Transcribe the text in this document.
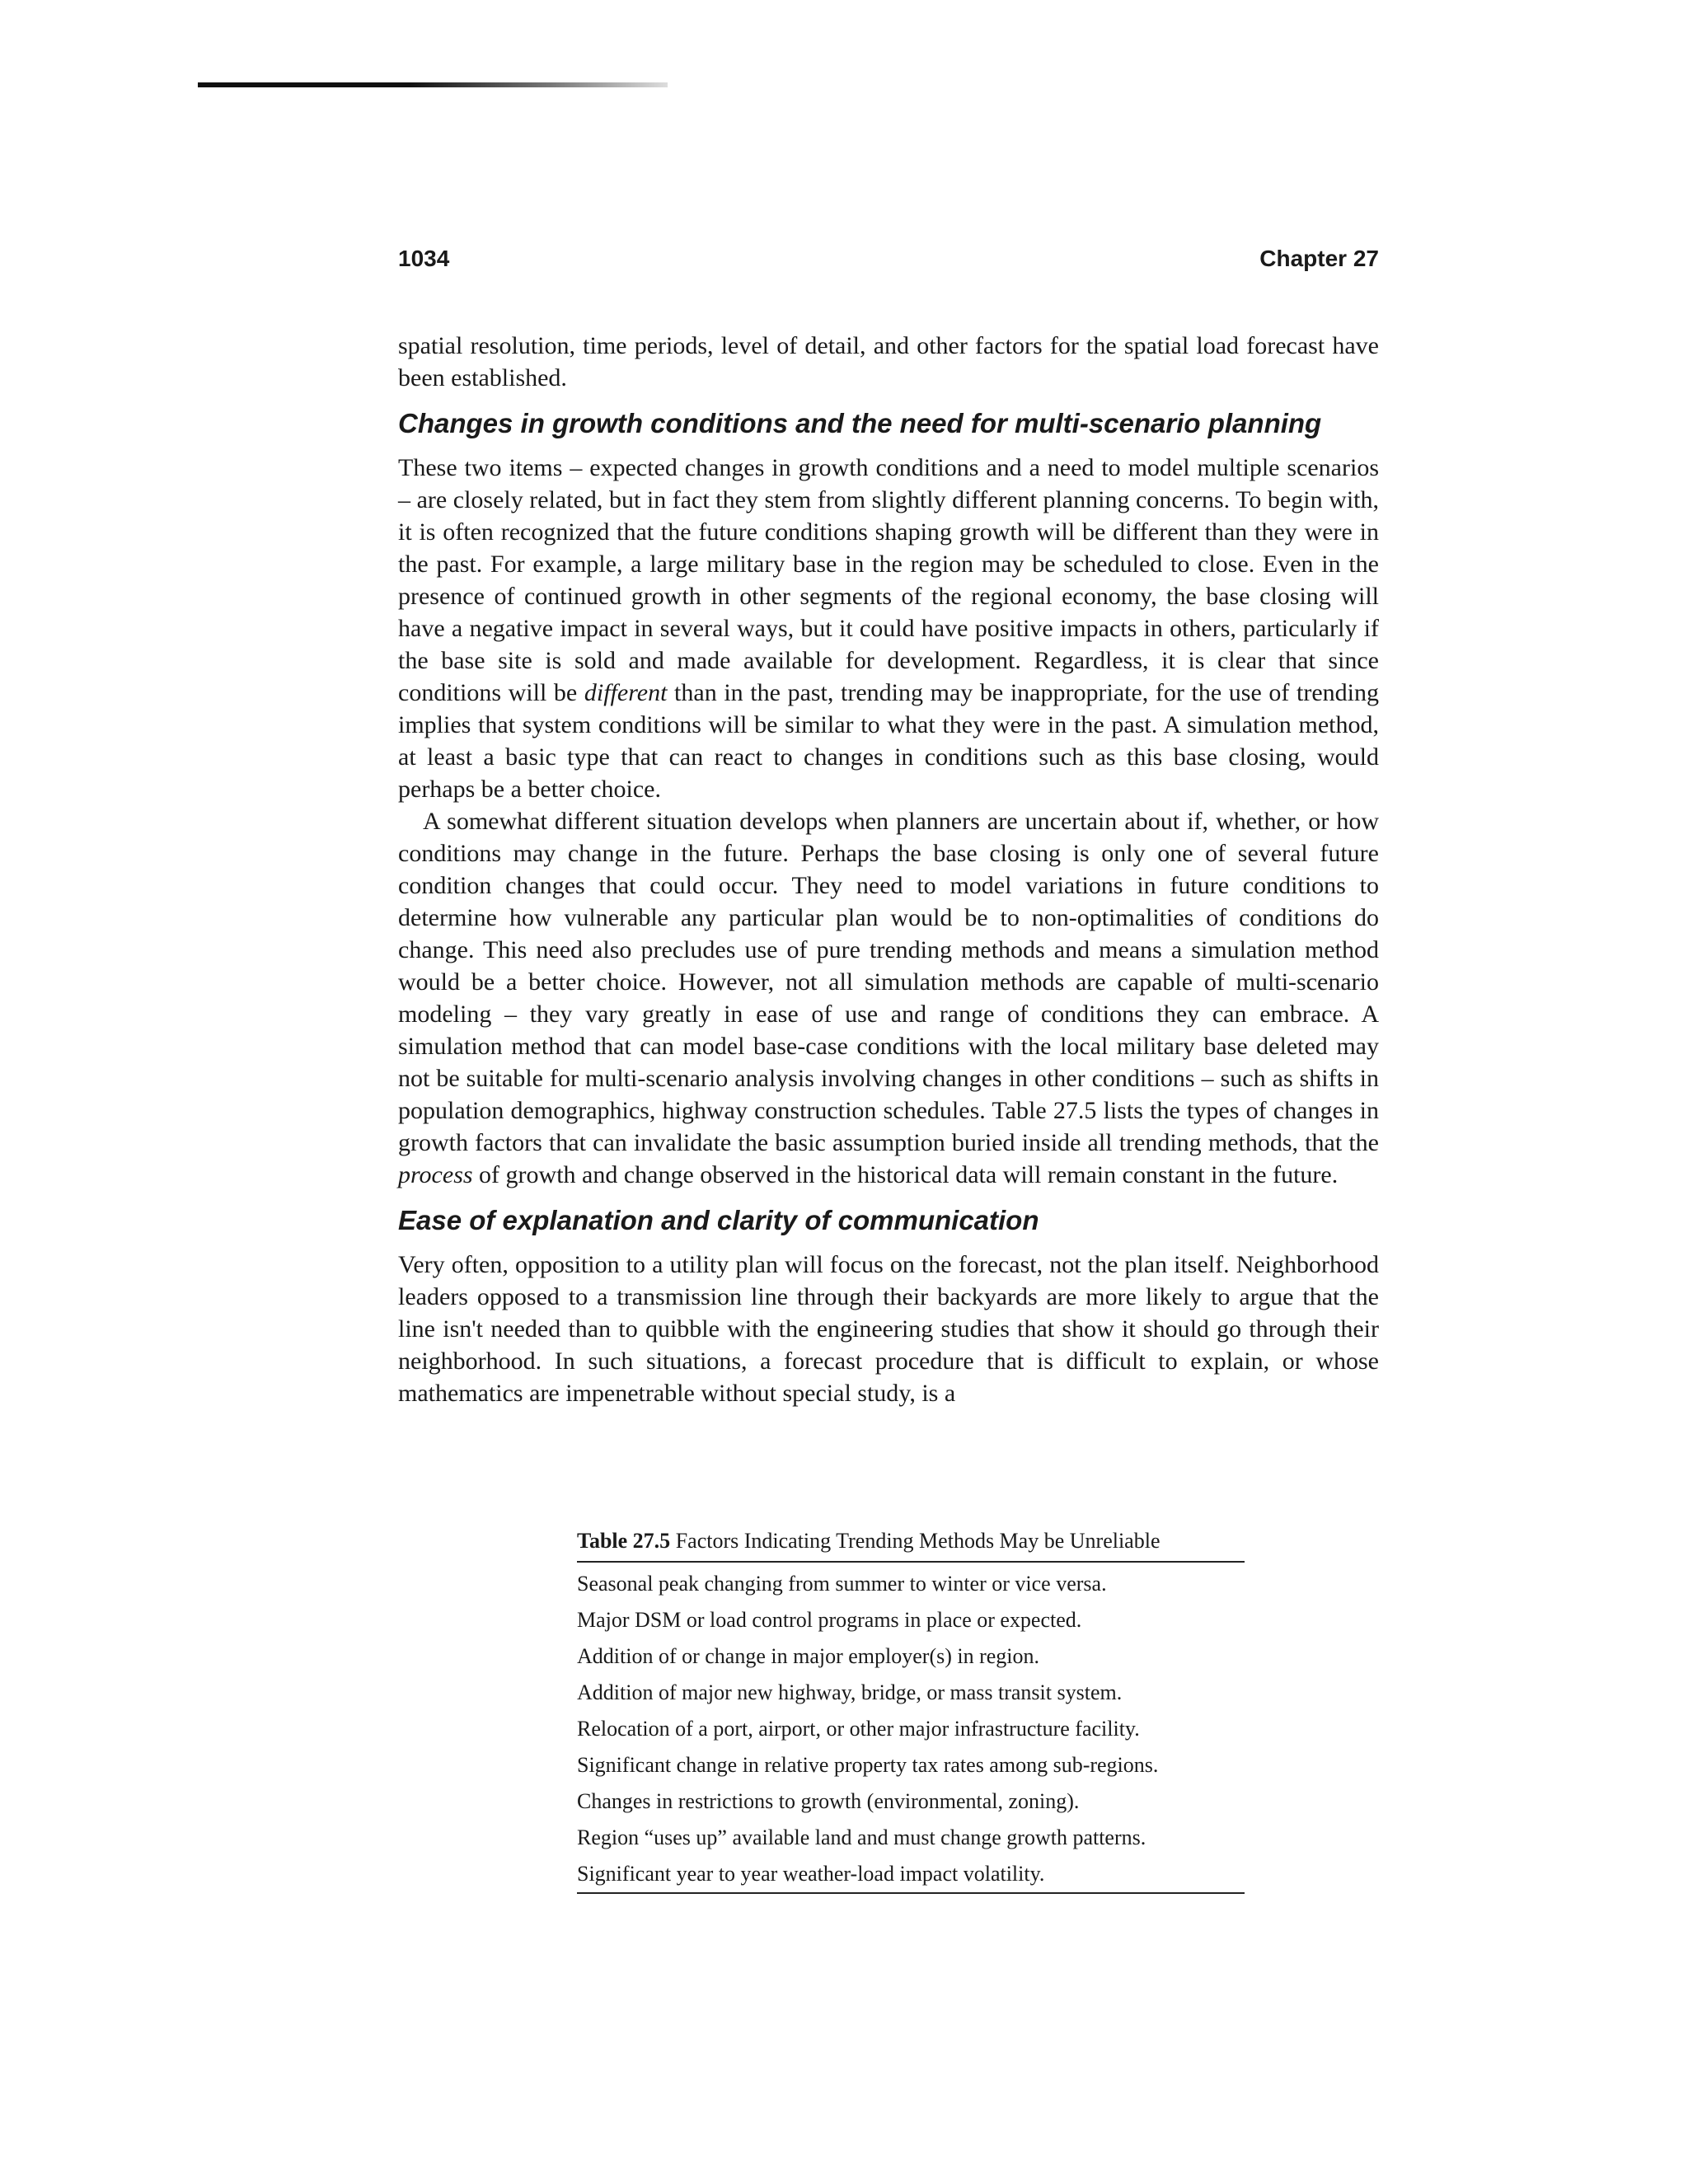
1034	Chapter 27

spatial resolution, time periods, level of detail, and other factors for the spatial load forecast have been established.

Changes in growth conditions and the need for multi-scenario planning

These two items – expected changes in growth conditions and a need to model multiple scenarios – are closely related, but in fact they stem from slightly different planning concerns. To begin with, it is often recognized that the future conditions shaping growth will be different than they were in the past. For example, a large military base in the region may be scheduled to close. Even in the presence of continued growth in other segments of the regional economy, the base closing will have a negative impact in several ways, but it could have positive impacts in others, particularly if the base site is sold and made available for development. Regardless, it is clear that since conditions will be different than in the past, trending may be inappropriate, for the use of trending implies that system conditions will be similar to what they were in the past. A simulation method, at least a basic type that can react to changes in conditions such as this base closing, would perhaps be a better choice.

A somewhat different situation develops when planners are uncertain about if, whether, or how conditions may change in the future. Perhaps the base closing is only one of several future condition changes that could occur. They need to model variations in future conditions to determine how vulnerable any particular plan would be to non-optimalities of conditions do change. This need also precludes use of pure trending methods and means a simulation method would be a better choice. However, not all simulation methods are capable of multi-scenario modeling – they vary greatly in ease of use and range of conditions they can embrace. A simulation method that can model base-case conditions with the local military base deleted may not be suitable for multi-scenario analysis involving changes in other conditions – such as shifts in population demographics, highway construction schedules. Table 27.5 lists the types of changes in growth factors that can invalidate the basic assumption buried inside all trending methods, that the process of growth and change observed in the historical data will remain constant in the future.

Ease of explanation and clarity of communication

Very often, opposition to a utility plan will focus on the forecast, not the plan itself. Neighborhood leaders opposed to a transmission line through their backyards are more likely to argue that the line isn't needed than to quibble with the engineering studies that show it should go through their neighborhood. In such situations, a forecast procedure that is difficult to explain, or whose mathematics are impenetrable without special study, is a

Table 27.5 Factors Indicating Trending Methods May be Unreliable
Seasonal peak changing from summer to winter or vice versa.
Major DSM or load control programs in place or expected.
Addition of or change in major employer(s) in region.
Addition of major new highway, bridge, or mass transit system.
Relocation of a port, airport, or other major infrastructure facility.
Significant change in relative property tax rates among sub-regions.
Changes in restrictions to growth (environmental, zoning).
Region “uses up” available land and must change growth patterns.
Significant year to year weather-load impact volatility.
